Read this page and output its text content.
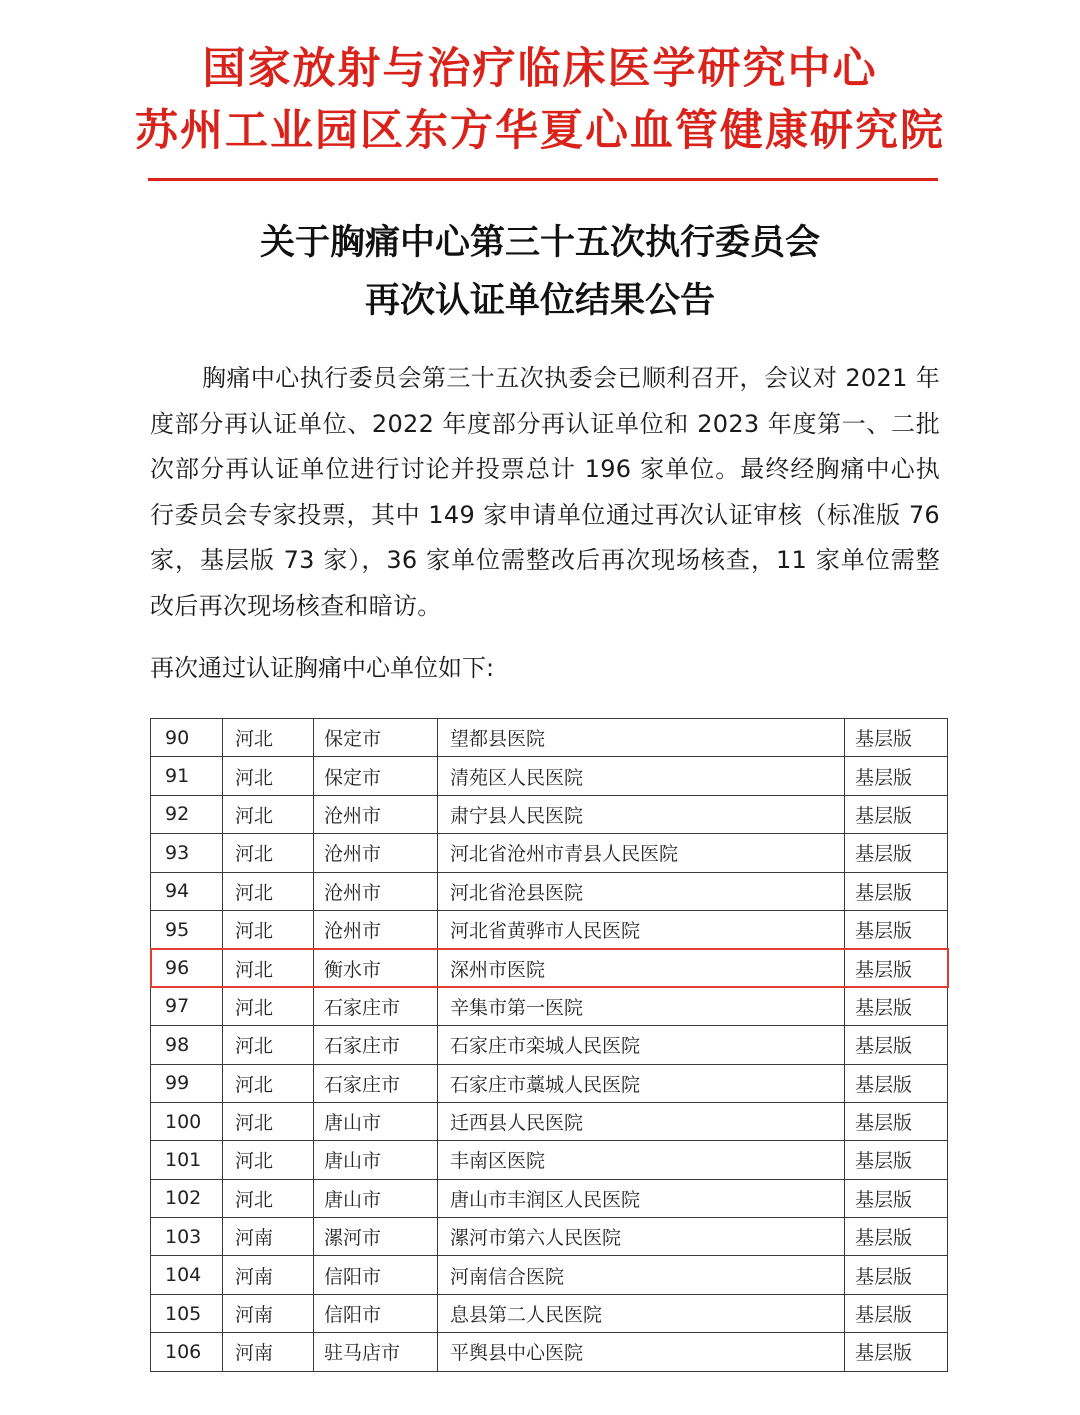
国家放射与治疗临床医学研究中心
苏州工业园区东方华夏心血管健康研究院
关于胸痛中心第三十五次执行委员会
再次认证单位结果公告
胸痛中心执行委员会第三十五次执委会已顺利召开，会议对 2021 年度部分再认证单位、2022 年度部分再认证单位和 2023 年度第一、二批次部分再认证单位进行讨论并投票总计 196 家单位。最终经胸痛中心执行委员会专家投票，其中 149 家申请单位通过再次认证审核（标准版 76 家，基层版 73 家），36 家单位需整改后再次现场核查，11 家单位需整改后再次现场核查和暗访。
再次通过认证胸痛中心单位如下:
90	河北	保定市	望都县医院	基层版
91	河北	保定市	清苑区人民医院	基层版
92	河北	沧州市	肃宁县人民医院	基层版
93	河北	沧州市	河北省沧州市青县人民医院	基层版
94	河北	沧州市	河北省沧县医院	基层版
95	河北	沧州市	河北省黄骅市人民医院	基层版
96	河北	衡水市	深州市医院	基层版
97	河北	石家庄市	辛集市第一医院	基层版
98	河北	石家庄市	石家庄市栾城人民医院	基层版
99	河北	石家庄市	石家庄市藁城人民医院	基层版
100	河北	唐山市	迁西县人民医院	基层版
101	河北	唐山市	丰南区医院	基层版
102	河北	唐山市	唐山市丰润区人民医院	基层版
103	河南	漯河市	漯河市第六人民医院	基层版
104	河南	信阳市	河南信合医院	基层版
105	河南	信阳市	息县第二人民医院	基层版
106	河南	驻马店市	平舆县中心医院	基层版
